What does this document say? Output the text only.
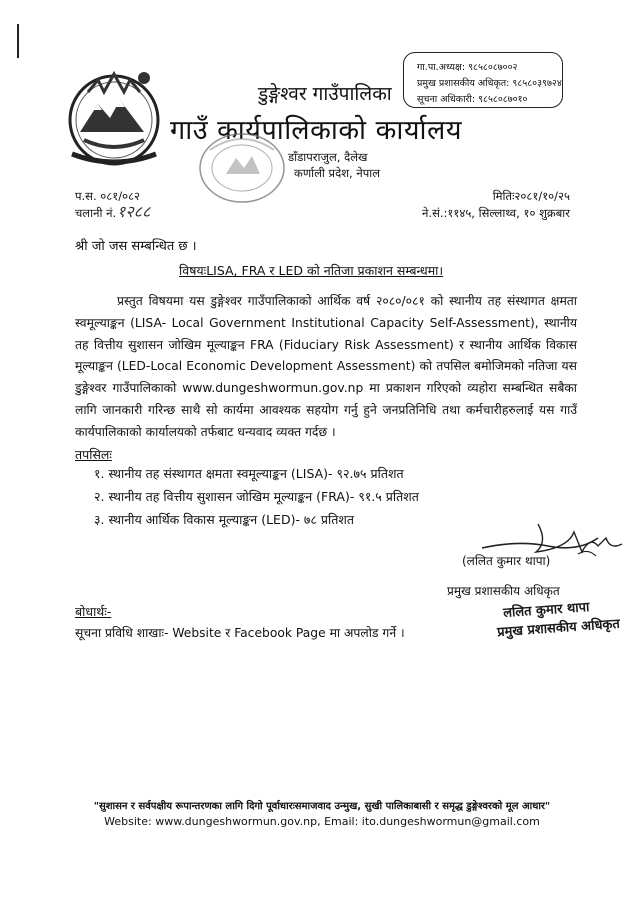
डुङ्गेश्वर गाउँपालिका
गाउँ कार्यपालिकाको कार्यालय
डाँडापराजुल, दैलेख
कर्णाली प्रदेश, नेपाल
गा.पा.अध्यक्ष: ९८५८०८७००२
प्रमुख प्रशासकीय अधिकृत: ९८५८०३९७२४
सूचना अधिकारी: ९८५८०८७०१०
प.स. ०८१/०८२
चलानी नं. १२८८
मितिः२०८१/१०/२५
ने.सं.:११४५, सिल्लाथ्व, १० शुक्रबार
श्री जो जस सम्बन्धित छ ।
विषयःLISA, FRA र LED को नतिजा प्रकाशन सम्बन्धमा।

प्रस्तुत विषयमा यस डुङ्गेश्वर गाउँपालिकाको आर्थिक वर्ष २०८०/०८१ को स्थानीय तह संस्थागत क्षमता स्वमूल्याङ्कन (LISA- Local Government Institutional Capacity Self-Assessment), स्थानीय तह वित्तीय सुशासन जोखिम मूल्याङ्कन FRA (Fiduciary Risk Assessment) र स्थानीय आर्थिक विकास मूल्याङ्कन (LED-Local Economic Development Assessment) को तपसिल बमोजिमको नतिजा यस डुङ्गेश्वर गाउँपालिकाको www.dungeshwormun.gov.np मा प्रकाशन गरिएको व्यहोरा सम्बन्धित सबैका लागि जानकारी गरिन्छ साथै सो कार्यमा आवश्यक सहयोग गर्नु हुने जनप्रतिनिधि तथा कर्मचारीहरुलाई यस गाउँ कार्यपालिकाको कार्यालयको तर्फबाट धन्यवाद व्यक्त गर्दछ ।

तपसिलः
१. स्थानीय तह संस्थागत क्षमता स्वमूल्याङ्कन (LISA)- ९२.७५ प्रतिशत
२. स्थानीय तह वित्तीय सुशासन जोखिम मूल्याङ्कन (FRA)- ९१.५ प्रतिशत
३. स्थानीय आर्थिक विकास मूल्याङ्कन (LED)- ७८ प्रतिशत
(ललित कुमार थापा)
प्रमुख प्रशासकीय अधिकृत
ललित कुमार थापा
प्रमुख प्रशासकीय अधिकृत
बोधार्थः-
सूचना प्रविधि शाखाः- Website र Facebook Page मा अपलोड गर्ने ।
"सुशासन र सर्वपक्षीय रूपान्तरणका लागि दिगो पूर्वाधारःसमाजवाद उन्मुख, सुखी पालिकाबासी र समृद्ध डुङ्गेश्वरको मूल आधार"
Website: www.dungeshwormun.gov.np, Email: ito.dungeshwormun@gmail.com
